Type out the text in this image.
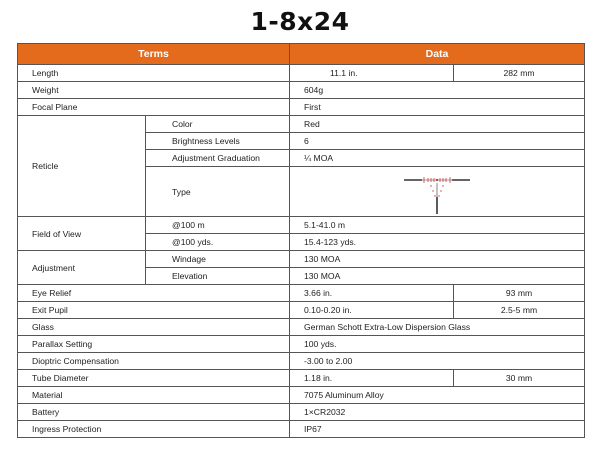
1-8x24
Terms		Data	
Length		11.1 in.	282 mm
Weight		604g	
Focal Plane		First	
Reticle	Color	Red	
	Brightness Levels	6	
	Adjustment Graduation	¼ MOA	
	Type	

Field of View	@100 m	5.1-41.0 m	
	@100 yds.	15.4-123 yds.	
Adjustment	Windage	130 MOA	
	Elevation	130 MOA	
Eye Relief		3.66 in.	93 mm
Exit Pupil		0.10-0.20 in.	2.5-5 mm
Glass		German Schott Extra-Low Dispersion Glass	
Parallax Setting		100 yds.	
Dioptric Compensation		-3.00 to 2.00	
Tube Diameter		1.18 in.	30 mm
Material		7075 Aluminum Alloy	
Battery		1×CR2032	
Ingress Protection		IP67	
